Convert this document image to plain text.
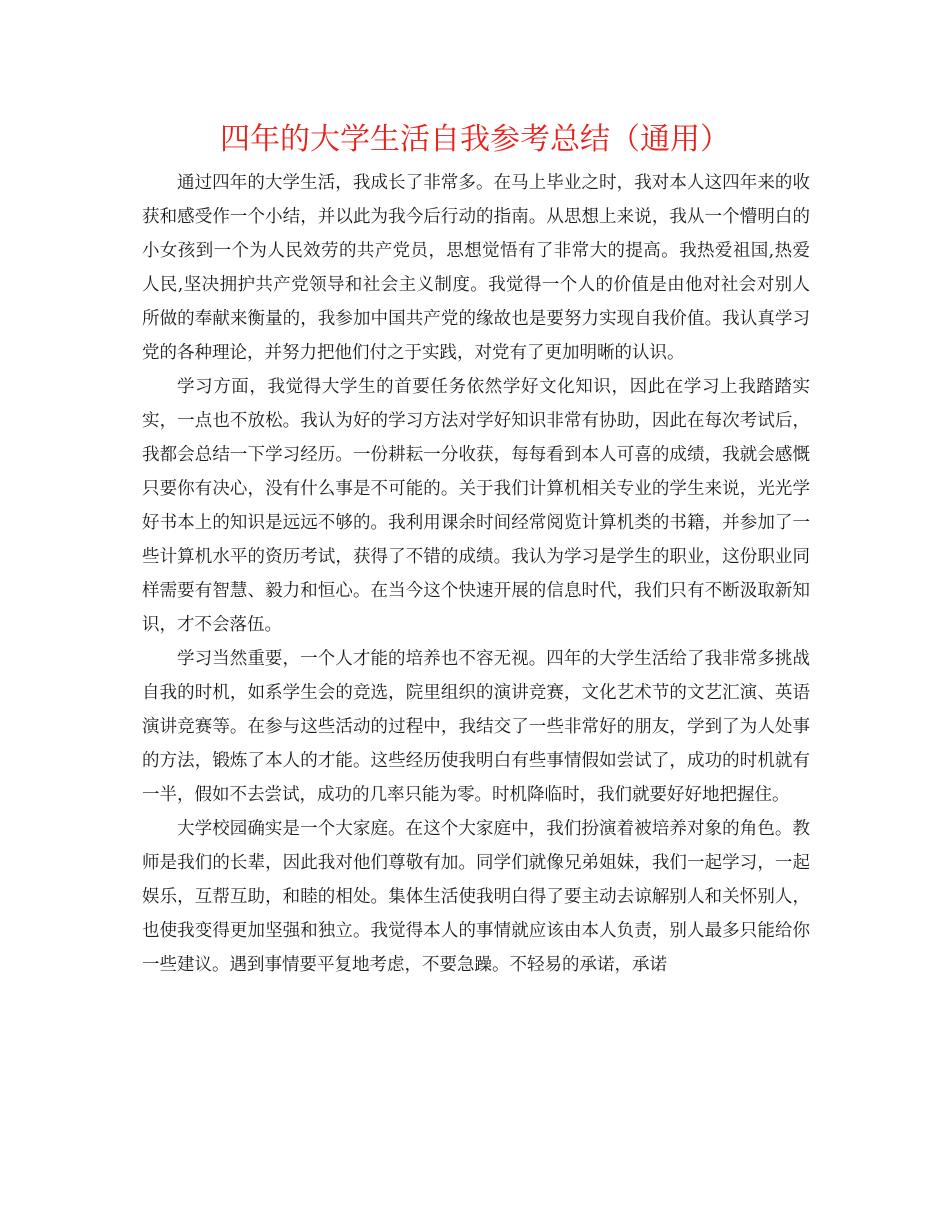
四年的大学生活自我参考总结（通用）

通过四年的大学生活，我成长了非常多。在马上毕业之时，我对本人这四年来的收获和感受作一个小结，并以此为我今后行动的指南。从思想上来说，我从一个懵明白的小女孩到一个为人民效劳的共产党员，思想觉悟有了非常大的提高。我热爱祖国,热爱人民,坚决拥护共产党领导和社会主义制度。我觉得一个人的价值是由他对社会对别人所做的奉献来衡量的，我参加中国共产党的缘故也是要努力实现自我价值。我认真学习党的各种理论，并努力把他们付之于实践，对党有了更加明晰的认识。

学习方面，我觉得大学生的首要任务依然学好文化知识，因此在学习上我踏踏实实，一点也不放松。我认为好的学习方法对学好知识非常有协助，因此在每次考试后，我都会总结一下学习经历。一份耕耘一分收获，每每看到本人可喜的成绩，我就会感慨只要你有决心，没有什么事是不可能的。关于我们计算机相关专业的学生来说，光光学好书本上的知识是远远不够的。我利用课余时间经常阅览计算机类的书籍，并参加了一些计算机水平的资历考试，获得了不错的成绩。我认为学习是学生的职业，这份职业同样需要有智慧、毅力和恒心。在当今这个快速开展的信息时代，我们只有不断汲取新知识，才不会落伍。

学习当然重要，一个人才能的培养也不容无视。四年的大学生活给了我非常多挑战自我的时机，如系学生会的竞选，院里组织的演讲竞赛，文化艺术节的文艺汇演、英语演讲竞赛等。在参与这些活动的过程中，我结交了一些非常好的朋友，学到了为人处事的方法，锻炼了本人的才能。这些经历使我明白有些事情假如尝试了，成功的时机就有一半，假如不去尝试，成功的几率只能为零。时机降临时，我们就要好好地把握住。

大学校园确实是一个大家庭。在这个大家庭中，我们扮演着被培养对象的角色。教师是我们的长辈，因此我对他们尊敬有加。同学们就像兄弟姐妹，我们一起学习，一起娱乐，互帮互助，和睦的相处。集体生活使我明白得了要主动去谅解别人和关怀别人，也使我变得更加坚强和独立。我觉得本人的事情就应该由本人负责，别人最多只能给你一些建议。遇到事情要平复地考虑，不要急躁。不轻易的承诺，承诺
